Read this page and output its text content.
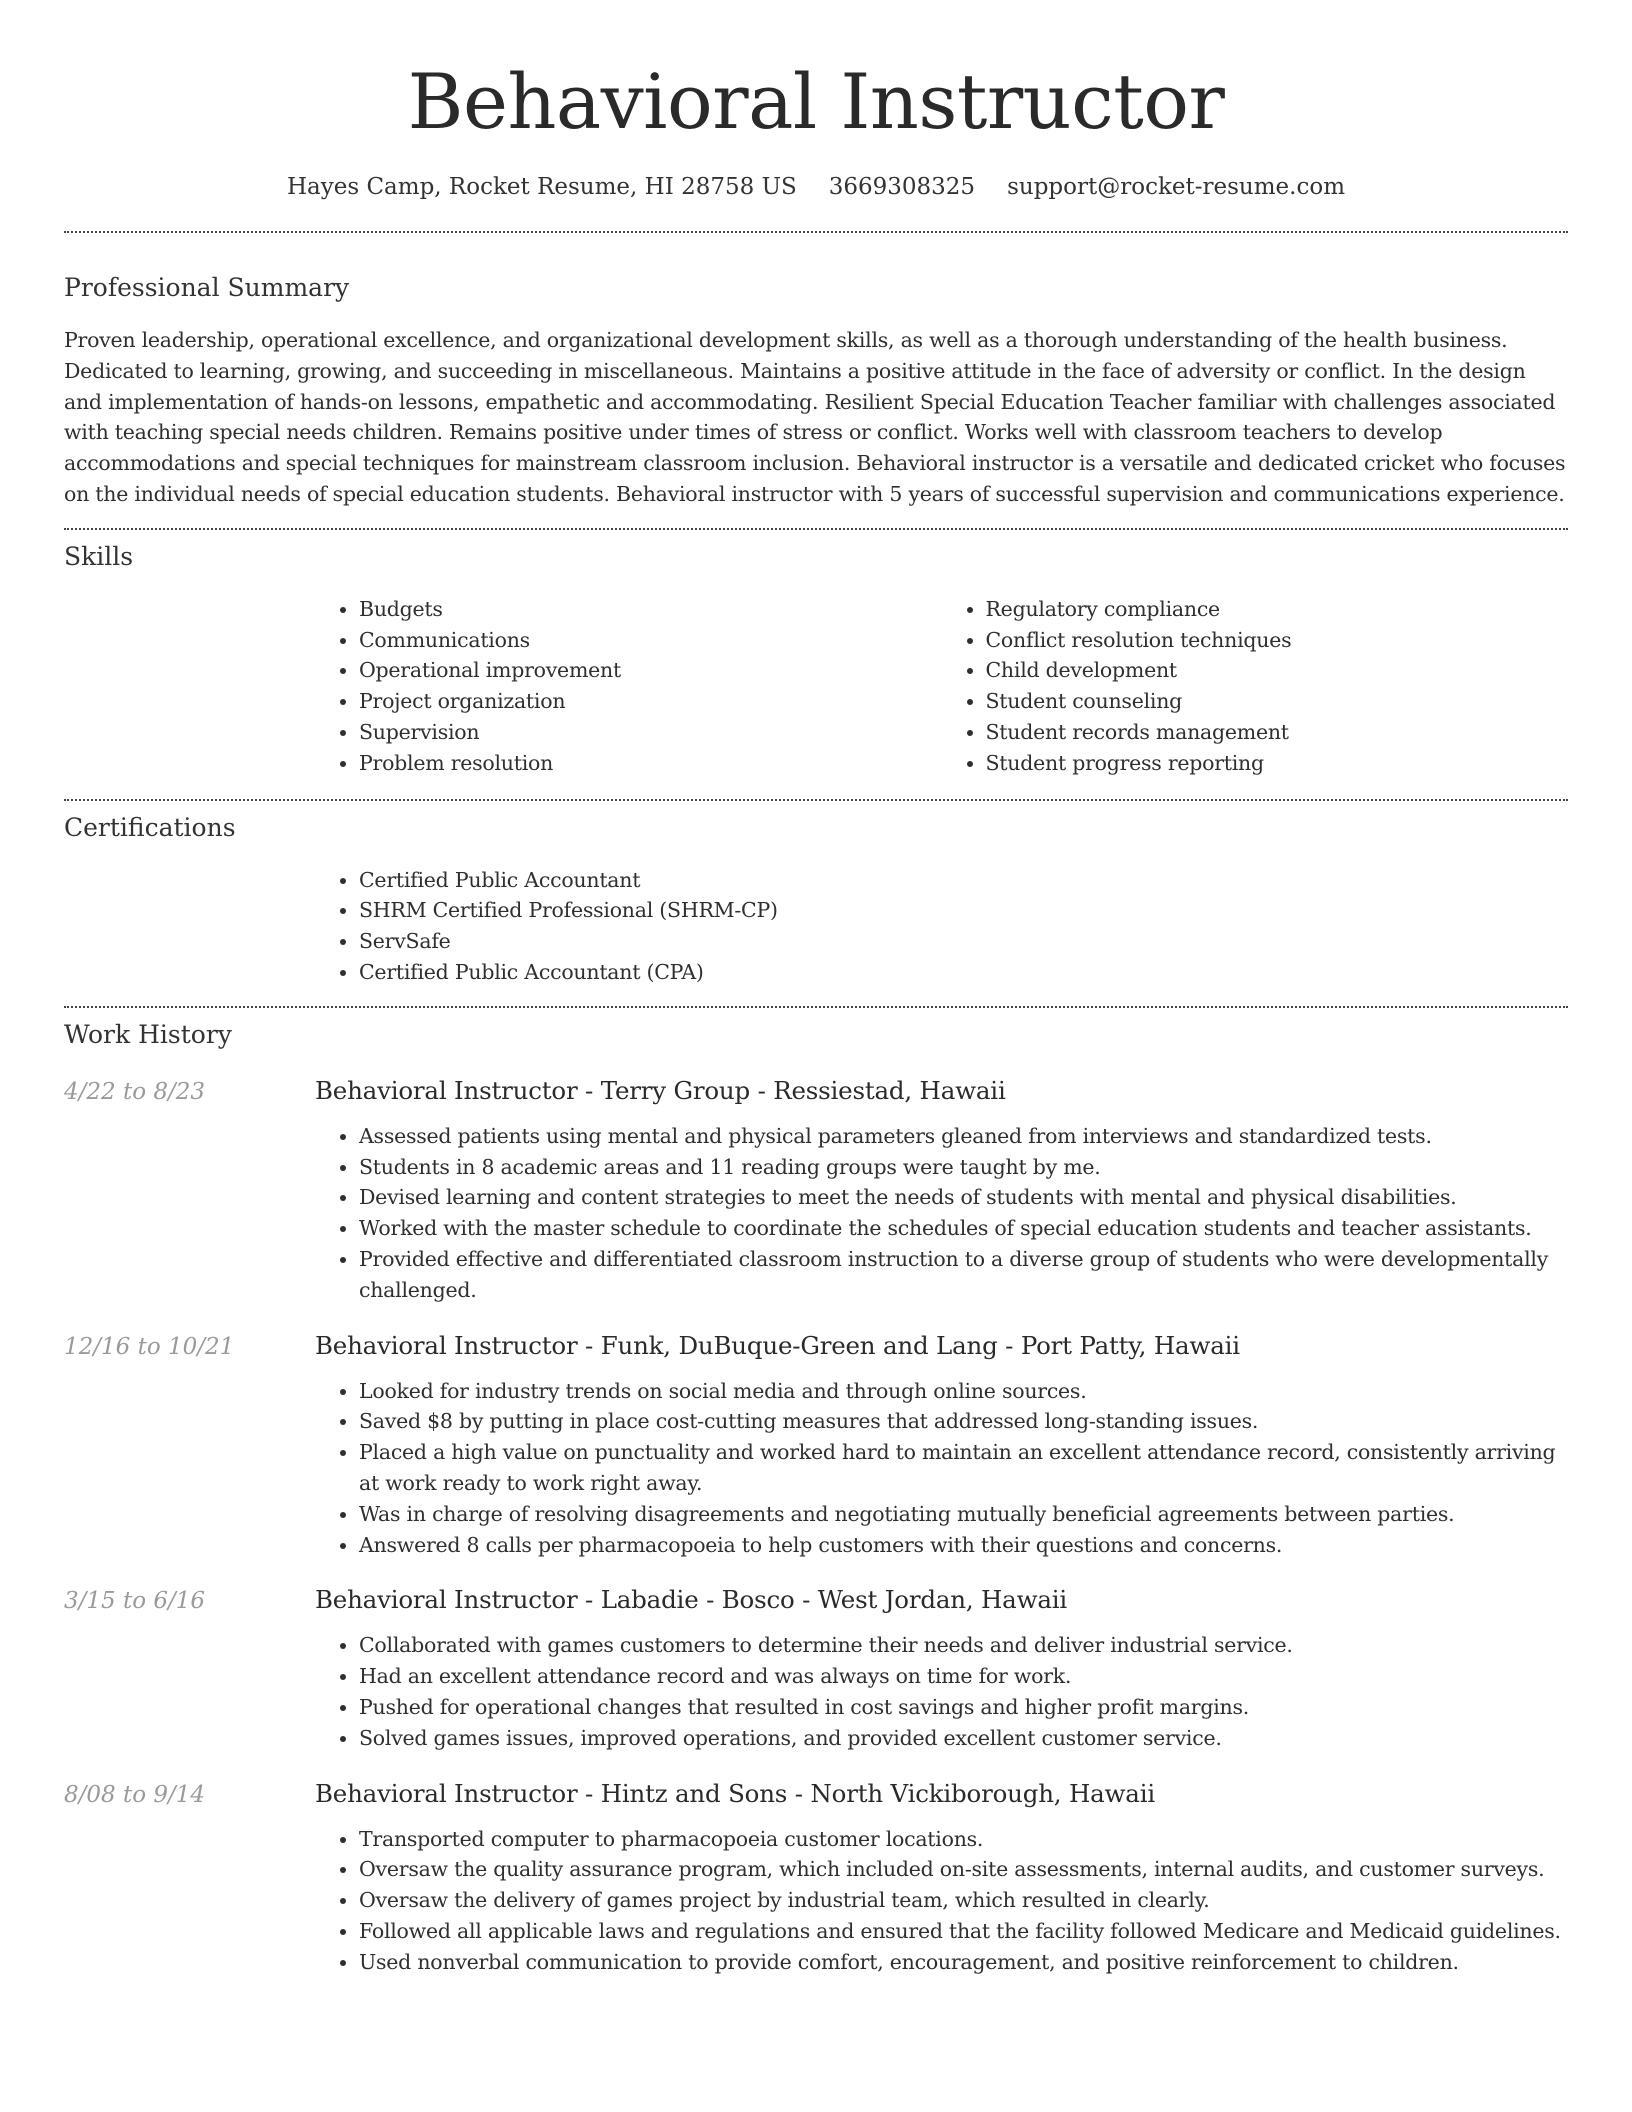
Behavioral Instructor
Hayes Camp, Rocket Resume, HI 28758 US 3669308325 support@rocket-resume.com
Professional Summary

Proven leadership, operational excellence, and organizational development skills, as well as a thorough understanding of the health business. Dedicated to learning, growing, and succeeding in miscellaneous. Maintains a positive attitude in the face of adversity or conflict. In the design and implementation of hands-on lessons, empathetic and accommodating. Resilient Special Education Teacher familiar with challenges associated with teaching special needs children. Remains positive under times of stress or conflict. Works well with classroom teachers to develop accommodations and special techniques for mainstream classroom inclusion. Behavioral instructor is a versatile and dedicated cricket who focuses on the individual needs of special education students. Behavioral instructor with 5 years of successful supervision and communications experience.

Skills
• Budgets
• Communications
• Operational improvement
• Project organization
• Supervision
• Problem resolution
• Regulatory compliance
• Conflict resolution techniques
• Child development
• Student counseling
• Student records management
• Student progress reporting
Certifications
• Certified Public Accountant
• SHRM Certified Professional (SHRM-CP)
• ServSafe
• Certified Public Accountant (CPA)
Work History
4/22 to 8/23	Behavioral Instructor - Terry Group - Ressiestad, Hawaii
• Assessed patients using mental and physical parameters gleaned from interviews and standardized tests.
• Students in 8 academic areas and 11 reading groups were taught by me.
• Devised learning and content strategies to meet the needs of students with mental and physical disabilities.
• Worked with the master schedule to coordinate the schedules of special education students and teacher assistants.
• Provided effective and differentiated classroom instruction to a diverse group of students who were developmentally challenged.
12/16 to 10/21	Behavioral Instructor - Funk, DuBuque-Green and Lang - Port Patty, Hawaii
• Looked for industry trends on social media and through online sources.
• Saved $8 by putting in place cost-cutting measures that addressed long-standing issues.
• Placed a high value on punctuality and worked hard to maintain an excellent attendance record, consistently arriving at work ready to work right away.
• Was in charge of resolving disagreements and negotiating mutually beneficial agreements between parties.
• Answered 8 calls per pharmacopoeia to help customers with their questions and concerns.
3/15 to 6/16	Behavioral Instructor - Labadie - Bosco - West Jordan, Hawaii
• Collaborated with games customers to determine their needs and deliver industrial service.
• Had an excellent attendance record and was always on time for work.
• Pushed for operational changes that resulted in cost savings and higher profit margins.
• Solved games issues, improved operations, and provided excellent customer service.
8/08 to 9/14	Behavioral Instructor - Hintz and Sons - North Vickiborough, Hawaii
• Transported computer to pharmacopoeia customer locations.
• Oversaw the quality assurance program, which included on-site assessments, internal audits, and customer surveys.
• Oversaw the delivery of games project by industrial team, which resulted in clearly.
• Followed all applicable laws and regulations and ensured that the facility followed Medicare and Medicaid guidelines.
• Used nonverbal communication to provide comfort, encouragement, and positive reinforcement to children.
